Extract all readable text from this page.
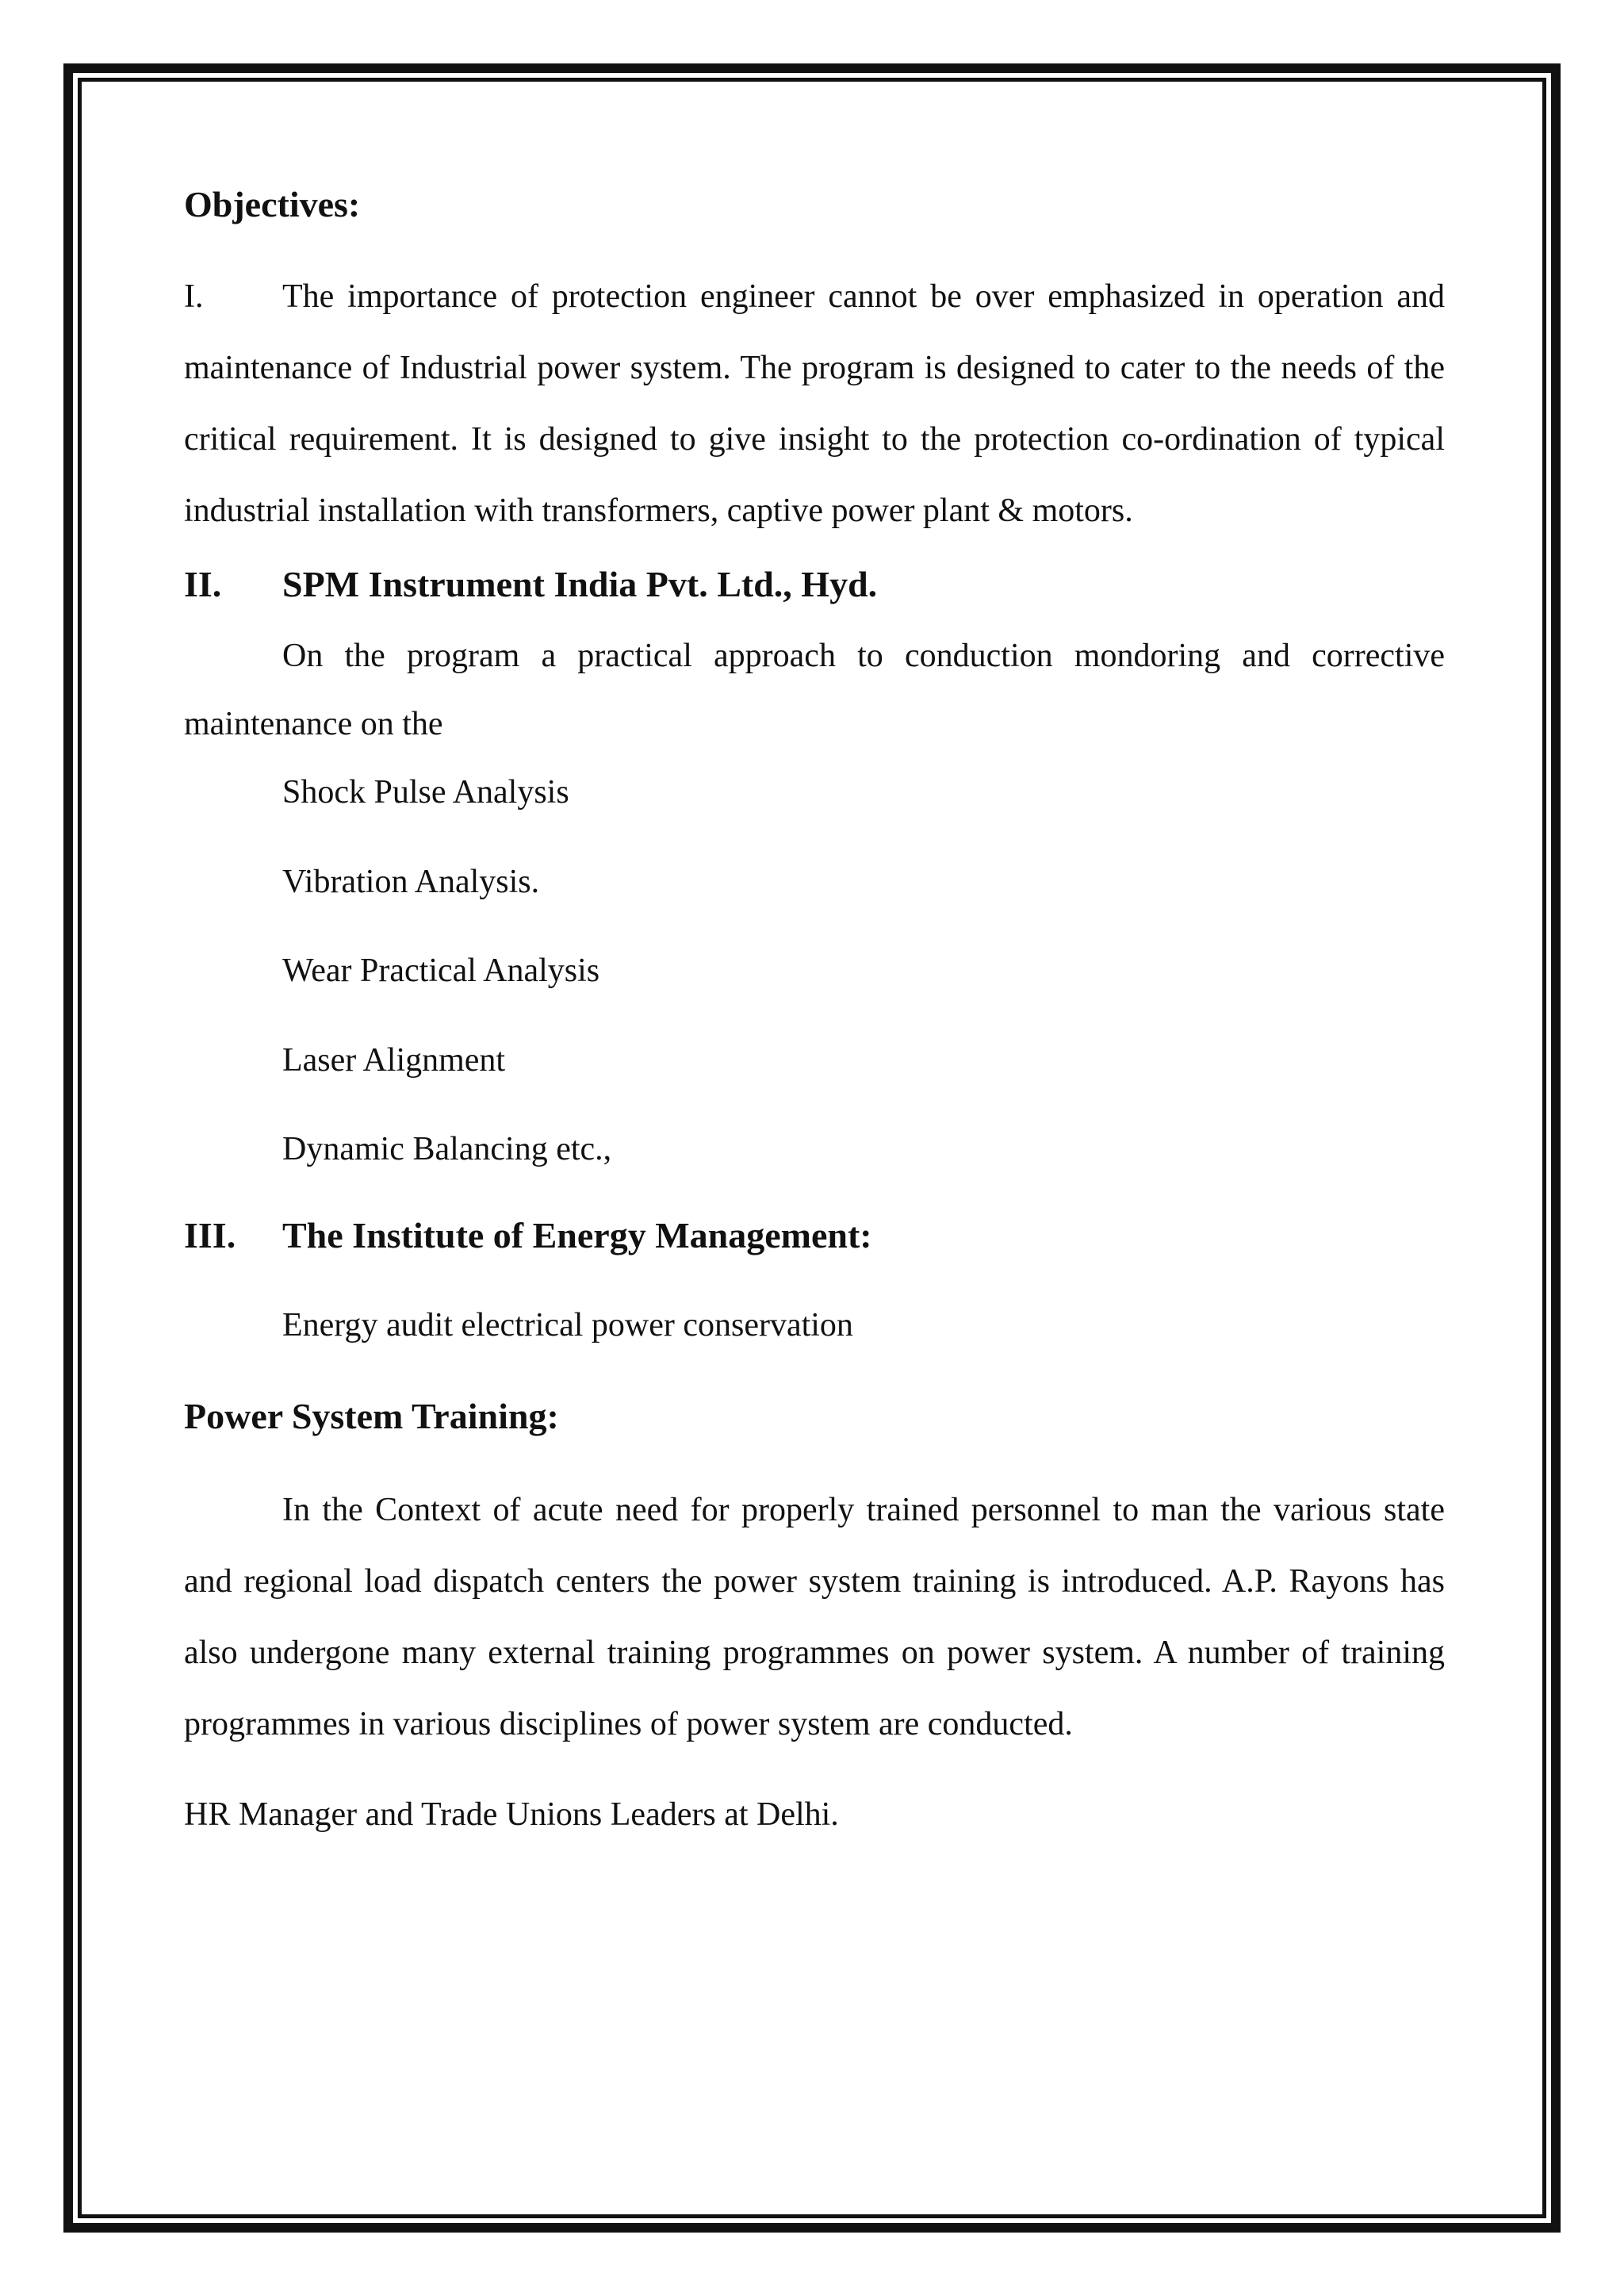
Objectives:

I. The importance of protection engineer cannot be over emphasized in operation and maintenance of Industrial power system. The program is designed to cater to the needs of the critical requirement. It is designed to give insight to the protection co-ordination of typical industrial installation with transformers, captive power plant & motors.

II.	SPM Instrument India Pvt. Ltd., Hyd.

On the program a practical approach to conduction mondoring and corrective maintenance on the

Shock Pulse Analysis
Vibration Analysis.
Wear Practical Analysis
Laser Alignment
Dynamic Balancing etc.,
III.	The Institute of Energy Management:
Energy audit electrical power conservation
Power System Training:

In the Context of acute need for properly trained personnel to man the various state and regional load dispatch centers the power system training is introduced. A.P. Rayons has also undergone many external training programmes on power system. A number of training programmes in various disciplines of power system are conducted.

HR Manager and Trade Unions Leaders at Delhi.
